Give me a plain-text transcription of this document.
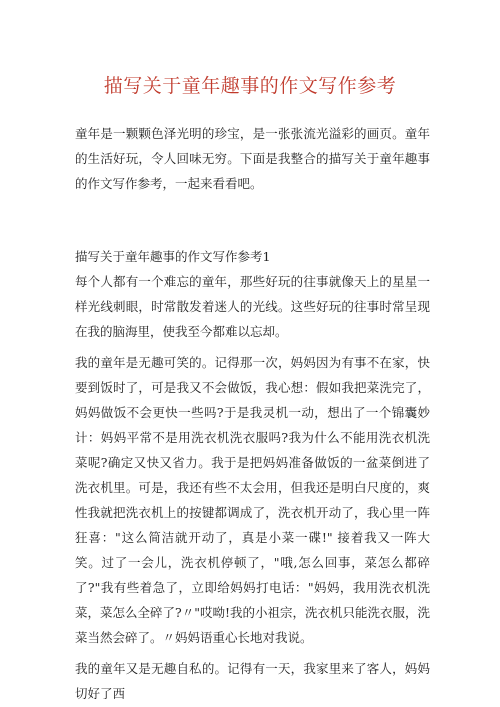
描写关于童年趣事的作文写作参考

童年是一颗颗色泽光明的珍宝，是一张张流光溢彩的画页。童年的生活好玩，令人回味无穷。下面是我整合的描写关于童年趣事的作文写作参考，一起来看看吧。

描写关于童年趣事的作文写作参考1

每个人都有一个难忘的童年，那些好玩的往事就像天上的星星一样光线刺眼，时常散发着迷人的光线。这些好玩的往事时常呈现在我的脑海里，使我至今都难以忘却。

我的童年是无趣可笑的。记得那一次，妈妈因为有事不在家，快要到饭时了，可是我又不会做饭，我心想：假如我把菜洗完了，妈妈做饭不会更快一些吗?于是我灵机一动，想出了一个锦囊妙计：妈妈平常不是用洗衣机洗衣服吗?我为什么不能用洗衣机洗菜呢?确定又快又省力。我于是把妈妈准备做饭的一盆菜倒进了洗衣机里。可是，我还有些不太会用，但我还是明白尺度的，爽性我就把洗衣机上的按键都调成了，洗衣机开动了，我心里一阵狂喜："这么简洁就开动了，真是小菜一碟!" 接着我又一阵大笑。过了一会儿，洗衣机停顿了，"哦,怎么回事，菜怎么都碎了?"我有些着急了，立即给妈妈打电话："妈妈，我用洗衣机洗菜，菜怎么全碎了?〃"哎呦!我的小祖宗，洗衣机只能洗衣服，洗菜当然会碎了。〃妈妈语重心长地对我说。

我的童年又是无趣自私的。记得有一天，我家里来了客人，妈妈切好了西
